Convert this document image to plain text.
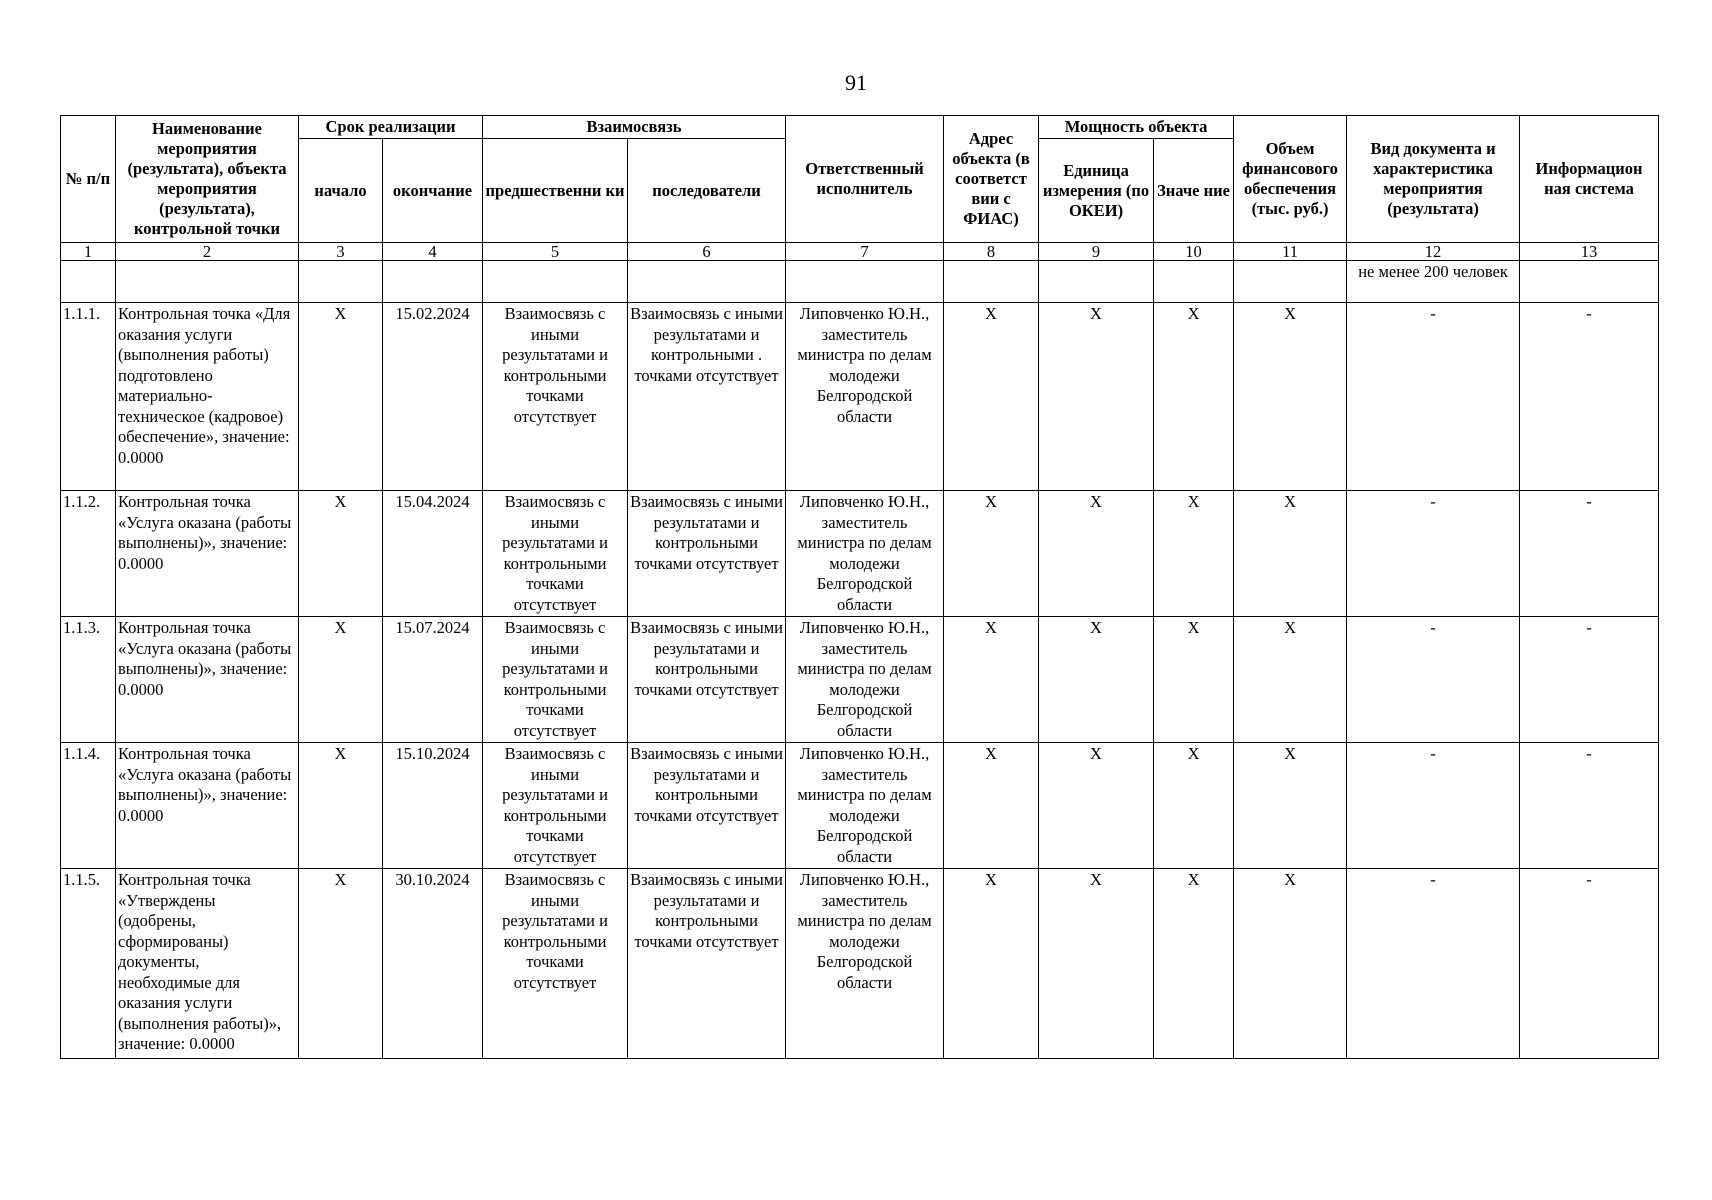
91
№ п/п	Наименование мероприятия (результата), объекта мероприятия (результата), контрольной точки	Срок реализации		Взаимосвязь		Ответственный исполнитель	Адрес объекта (в соответст вии с ФИАС)	Мощность объекта		Объем финансового обеспечения (тыс. руб.)	Вид документа и характеристика мероприятия (результата)	Информацион ная система
		начало	окончание	предшественни ки	последователи			Единица измерения (по ОКЕИ)	Значе ние			
1	2	3	4	5	6	7	8	9	10	11	12	13
											не менее 200 человек	
1.1.1.	Контрольная точка «Для оказания услуги (выполнения работы) подготовлено материально-техническое (кадровое) обеспечение», значение: 0.0000	X	15.02.2024	Взаимосвязь с иными результатами и контрольными точками отсутствует	Взаимосвязь с иными результатами и контрольными . точками отсутствует	Липовченко Ю.Н., заместитель министра по делам молодежи Белгородской области	X	X	X	X	-	-
1.1.2.	Контрольная точка «Услуга оказана (работы выполнены)», значение: 0.0000	X	15.04.2024	Взаимосвязь с иными результатами и контрольными точками отсутствует	Взаимосвязь с иными результатами и контрольными точками отсутствует	Липовченко Ю.Н., заместитель министра по делам молодежи Белгородской области	X	X	X	X	-	-
1.1.3.	Контрольная точка «Услуга оказана (работы выполнены)», значение: 0.0000	X	15.07.2024	Взаимосвязь с иными результатами и контрольными точками отсутствует	Взаимосвязь с иными результатами и контрольными точками отсутствует	Липовченко Ю.Н., заместитель министра по делам молодежи Белгородской области	X	X	X	X	-	-
1.1.4.	Контрольная точка «Услуга оказана (работы выполнены)», значение: 0.0000	X	15.10.2024	Взаимосвязь с иными результатами и контрольными точками отсутствует	Взаимосвязь с иными результатами и контрольными точками отсутствует	Липовченко Ю.Н., заместитель министра по делам молодежи Белгородской области	X	X	X	X	-	-
1.1.5.	Контрольная точка «Утверждены (одобрены, сформированы) документы, необходимые для оказания услуги (выполнения работы)», значение: 0.0000	X	30.10.2024	Взаимосвязь с иными результатами и контрольными точками отсутствует	Взаимосвязь с иными результатами и контрольными точками отсутствует	Липовченко Ю.Н., заместитель министра по делам молодежи Белгородской области	X	X	X	X	-	-
